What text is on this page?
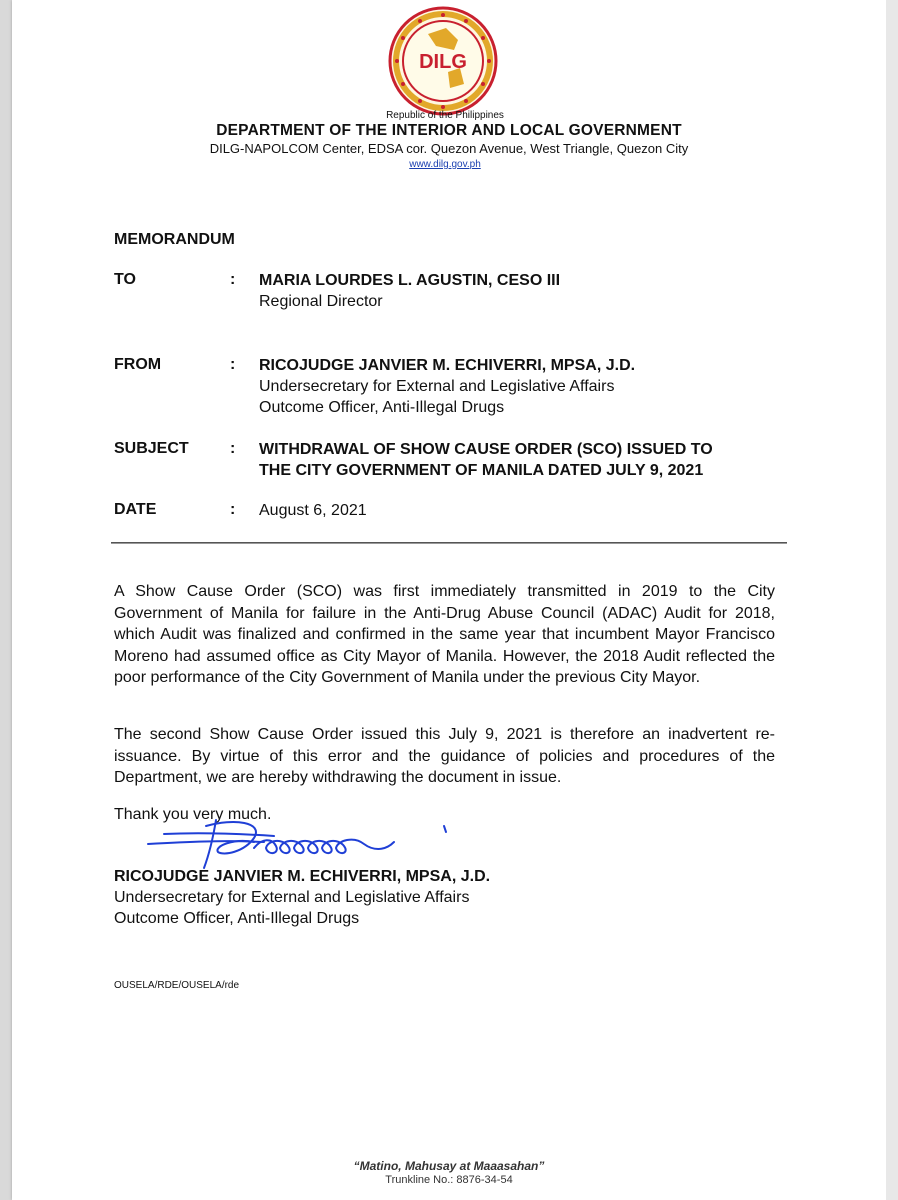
DILG
Republic of the Philippines
DEPARTMENT OF THE INTERIOR AND LOCAL GOVERNMENT
DILG-NAPOLCOM Center, EDSA cor. Quezon Avenue, West Triangle, Quezon City
www.dilg.gov.ph
MEMORANDUM
TO	: MARIA LOURDES L. AGUSTIN, CESO III
Regional Director
FROM	: RICOJUDGE JANVIER M. ECHIVERRI, MPSA, J.D.
Undersecretary for External and Legislative Affairs
Outcome Officer, Anti-Illegal Drugs
SUBJECT	: WITHDRAWAL OF SHOW CAUSE ORDER (SCO) ISSUED TO
THE CITY GOVERNMENT OF MANILA DATED JULY 9, 2021
DATE	: August 6, 2021
A Show Cause Order (SCO) was first immediately transmitted in 2019 to the City Government of Manila for failure in the Anti-Drug Abuse Council (ADAC) Audit for 2018, which Audit was finalized and confirmed in the same year that incumbent Mayor Francisco Moreno had assumed office as City Mayor of Manila. However, the 2018 Audit reflected the poor performance of the City Government of Manila under the previous City Mayor.
The second Show Cause Order issued this July 9, 2021 is therefore an inadvertent re-issuance. By virtue of this error and the guidance of policies and procedures of the Department, we are hereby withdrawing the document in issue.
Thank you very much.
RICOJUDGE JANVIER M. ECHIVERRI, MPSA, J.D.
Undersecretary for External and Legislative Affairs
Outcome Officer, Anti-Illegal Drugs
OUSELA/RDE/OUSELA/rde
“Matino, Mahusay at Maaasahan”
Trunkline No.: 8876-34-54
